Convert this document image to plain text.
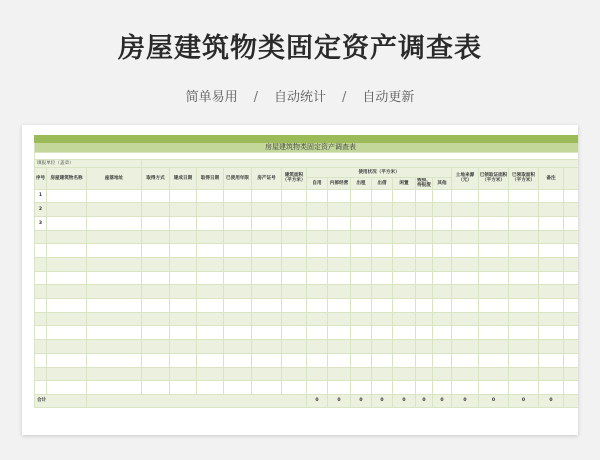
房屋建筑物类固定资产调查表
简单易用 / 自动统计 / 自动更新

房屋建筑物类固定资产调查表																				

填报单位（盖章）																				
序号	房屋建筑物名称	座落地址	取得方式	建成日期	取得日期	已使用年限	房产证号	建筑面积（平方米）	使用状况（平方米）							土地来源（元）	已领取证面积（平方米）	已领取面积（平方米）	备注	
									自用	内部经营	出租	出借	闲置	毁损、待报废	其他					
1																				
2																				
3																				

合计									0	0	0	0	0	0	0	0	0	0	0	
